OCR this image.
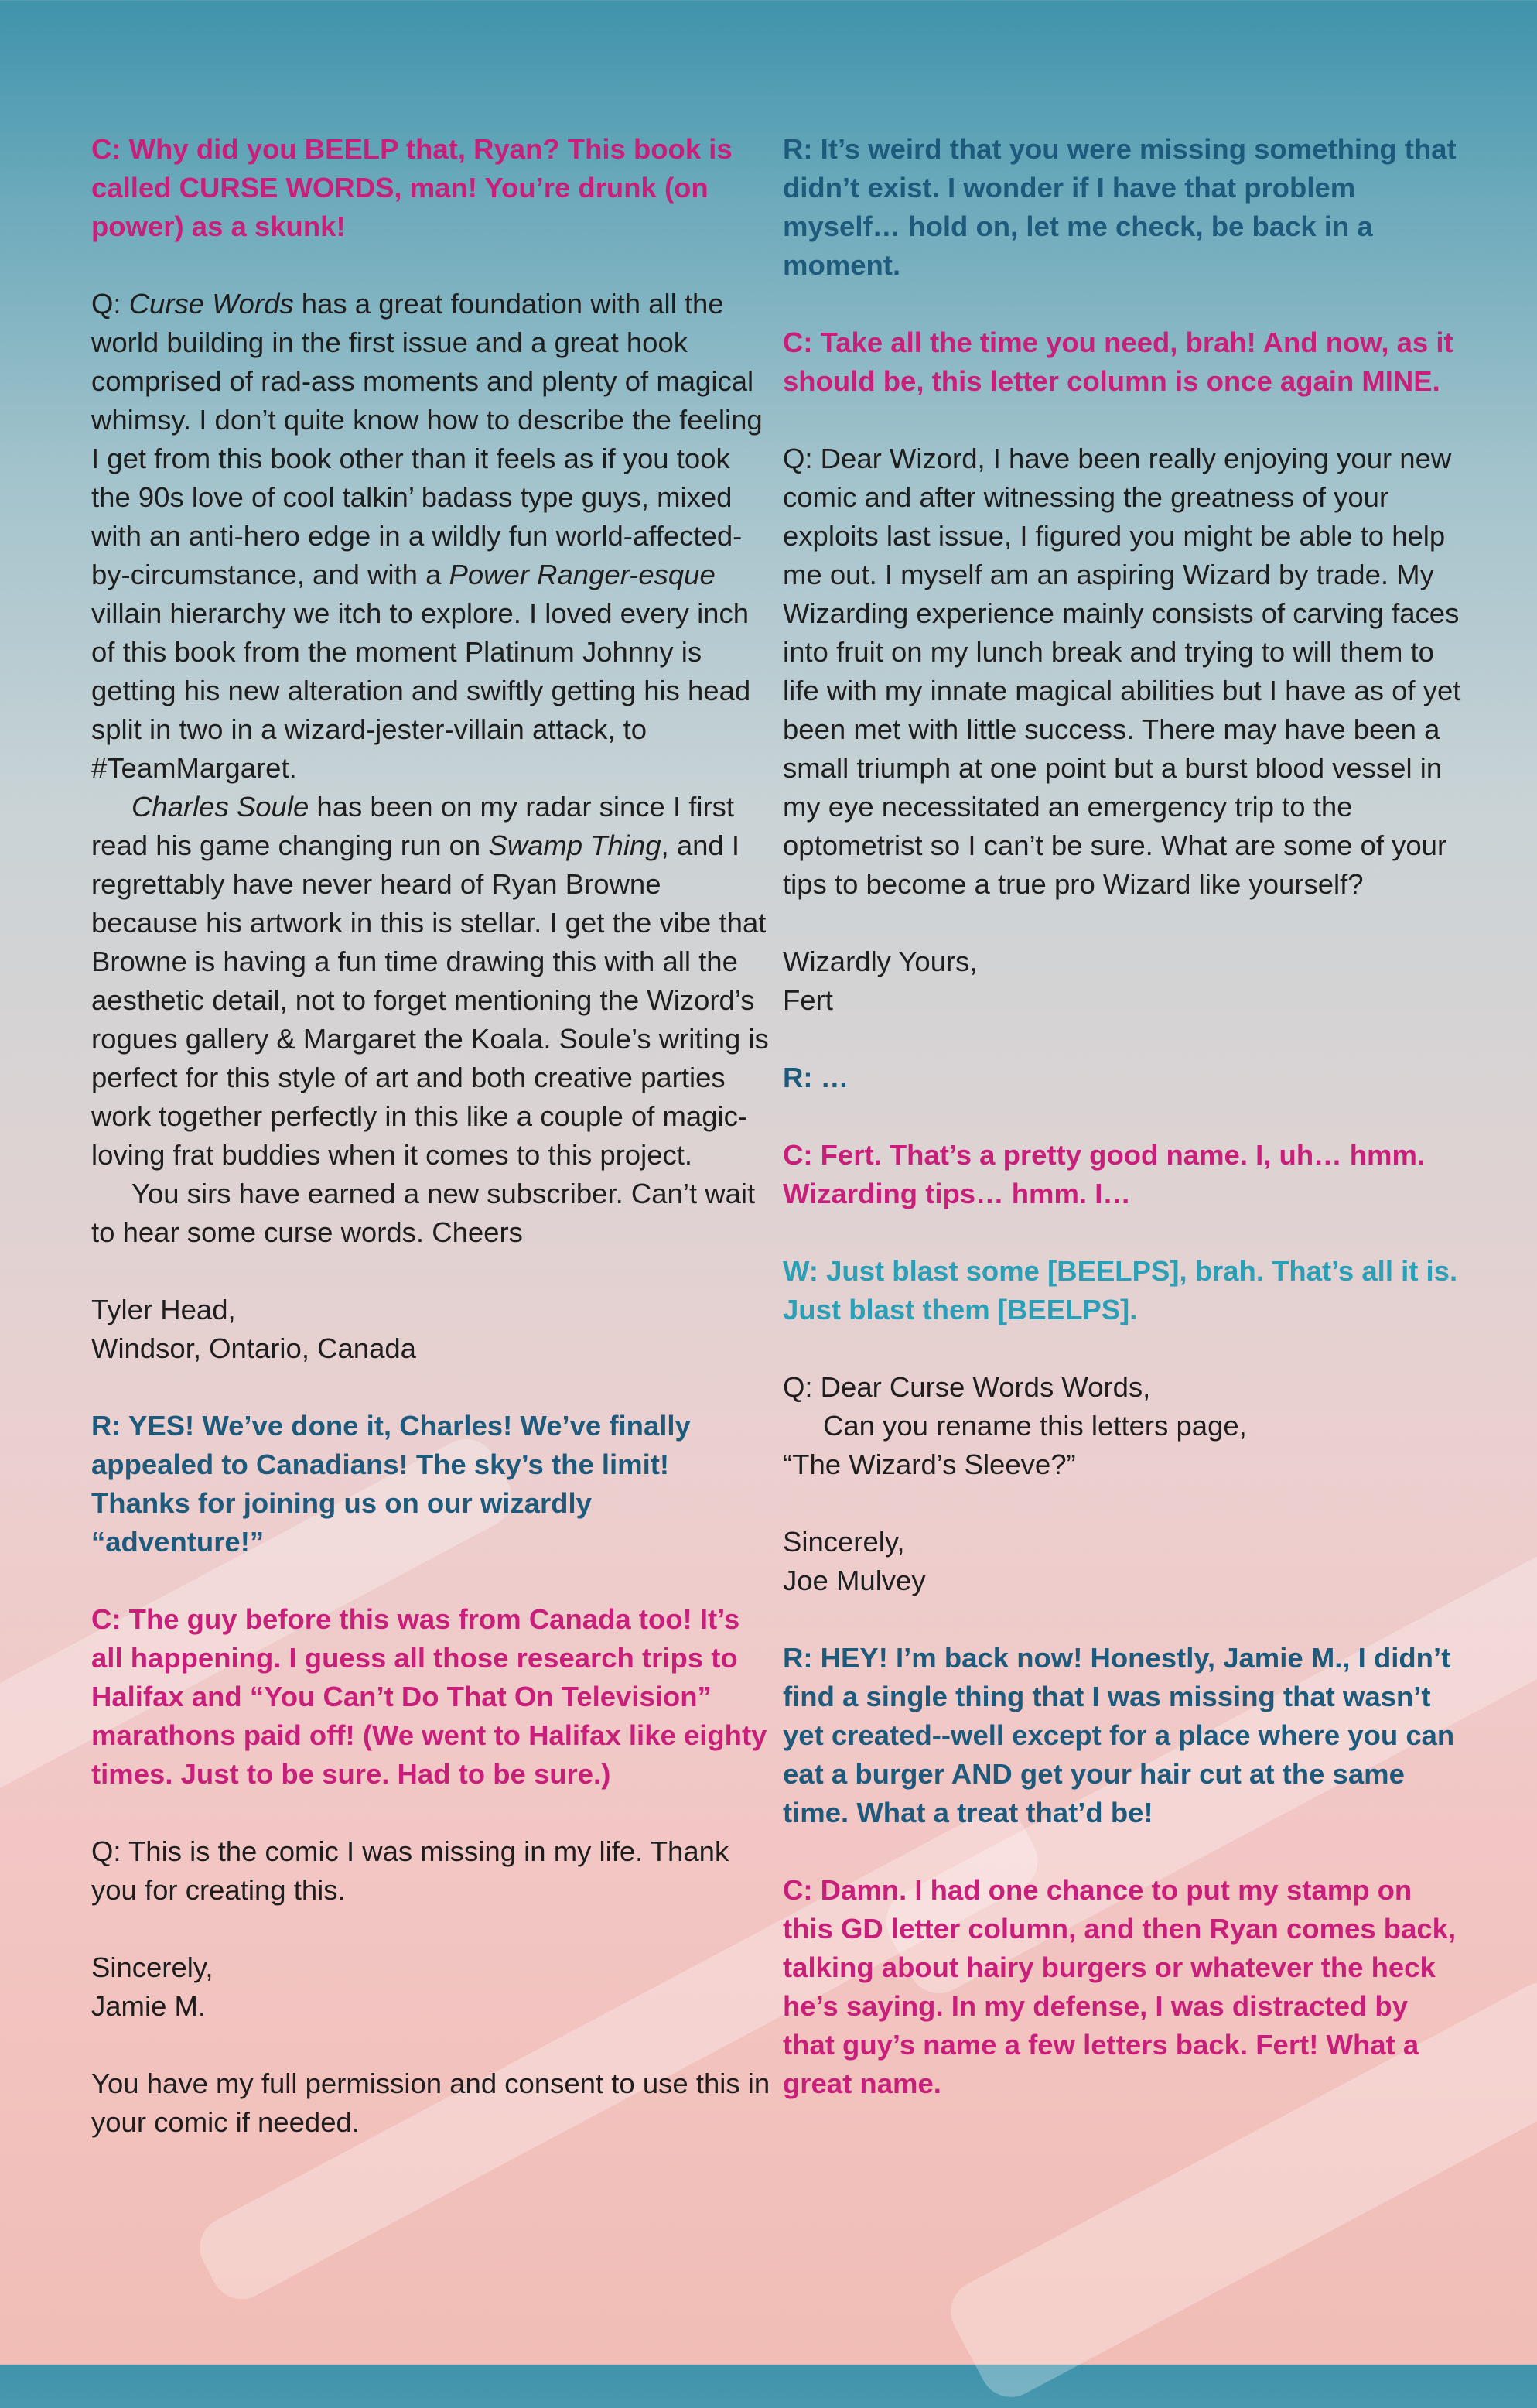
C: Why did you BEELP that, Ryan? This book is called CURSE WORDS, man! You’re drunk (on power) as a skunk!

Q: Curse Words has a great foundation with all the world building in the first issue and a great hook comprised of rad-ass moments and plenty of magical whimsy. I don’t quite know how to describe the feeling I get from this book other than it feels as if you took the 90s love of cool talkin’ badass type guys, mixed with an anti-hero edge in a wildly fun world-affected-by-circumstance, and with a Power Ranger-esque villain hierarchy we itch to explore. I loved every inch of this book from the moment Platinum Johnny is getting his new alteration and swiftly getting his head split in two in a wizard-jester-villain attack, to #TeamMargaret.

Charles Soule has been on my radar since I first read his game changing run on Swamp Thing, and I regrettably have never heard of Ryan Browne because his artwork in this is stellar. I get the vibe that Browne is having a fun time drawing this with all the aesthetic detail, not to forget mentioning the Wizord’s rogues gallery & Margaret the Koala. Soule’s writing is perfect for this style of art and both creative parties work together perfectly in this like a couple of magic-loving frat buddies when it comes to this project.

You sirs have earned a new subscriber. Can’t wait to hear some curse words. Cheers

Tyler Head,
Windsor, Ontario, Canada

R: YES! We’ve done it, Charles! We’ve finally appealed to Canadians! The sky’s the limit! Thanks for joining us on our wizardly “adventure!”

C: The guy before this was from Canada too! It’s all happening. I guess all those research trips to Halifax and “You Can’t Do That On Television” marathons paid off! (We went to Halifax like eighty times. Just to be sure. Had to be sure.)

Q: This is the comic I was missing in my life. Thank you for creating this.

Sincerely,
Jamie M.

You have my full permission and consent to use this in your comic if needed.

R: It’s weird that you were missing something that didn’t exist. I wonder if I have that problem myself… hold on, let me check, be back in a moment.

C: Take all the time you need, brah! And now, as it should be, this letter column is once again MINE.

Q: Dear Wizord, I have been really enjoying your new comic and after witnessing the greatness of your exploits last issue, I figured you might be able to help me out. I myself am an aspiring Wizard by trade. My Wizarding experience mainly consists of carving faces into fruit on my lunch break and trying to will them to life with my innate magical abilities but I have as of yet been met with little success. There may have been a small triumph at one point but a burst blood vessel in my eye necessitated an emergency trip to the optometrist so I can’t be sure. What are some of your tips to become a true pro Wizard like yourself?

Wizardly Yours,
Fert

R: …

C: Fert. That’s a pretty good name. I, uh… hmm. Wizarding tips… hmm. I…

W: Just blast some [BEELPS], brah. That’s all it is. Just blast them [BEELPS].

Q: Dear Curse Words Words,
Can you rename this letters page,
“The Wizard’s Sleeve?”
Sincerely,
Joe Mulvey

R: HEY! I’m back now! Honestly, Jamie M., I didn’t find a single thing that I was missing that wasn’t yet created--well except for a place where you can eat a burger AND get your hair cut at the same time. What a treat that’d be!

C: Damn. I had one chance to put my stamp on this GD letter column, and then Ryan comes back, talking about hairy burgers or whatever the heck he’s saying. In my defense, I was distracted by that guy’s name a few letters back. Fert! What a great name.
